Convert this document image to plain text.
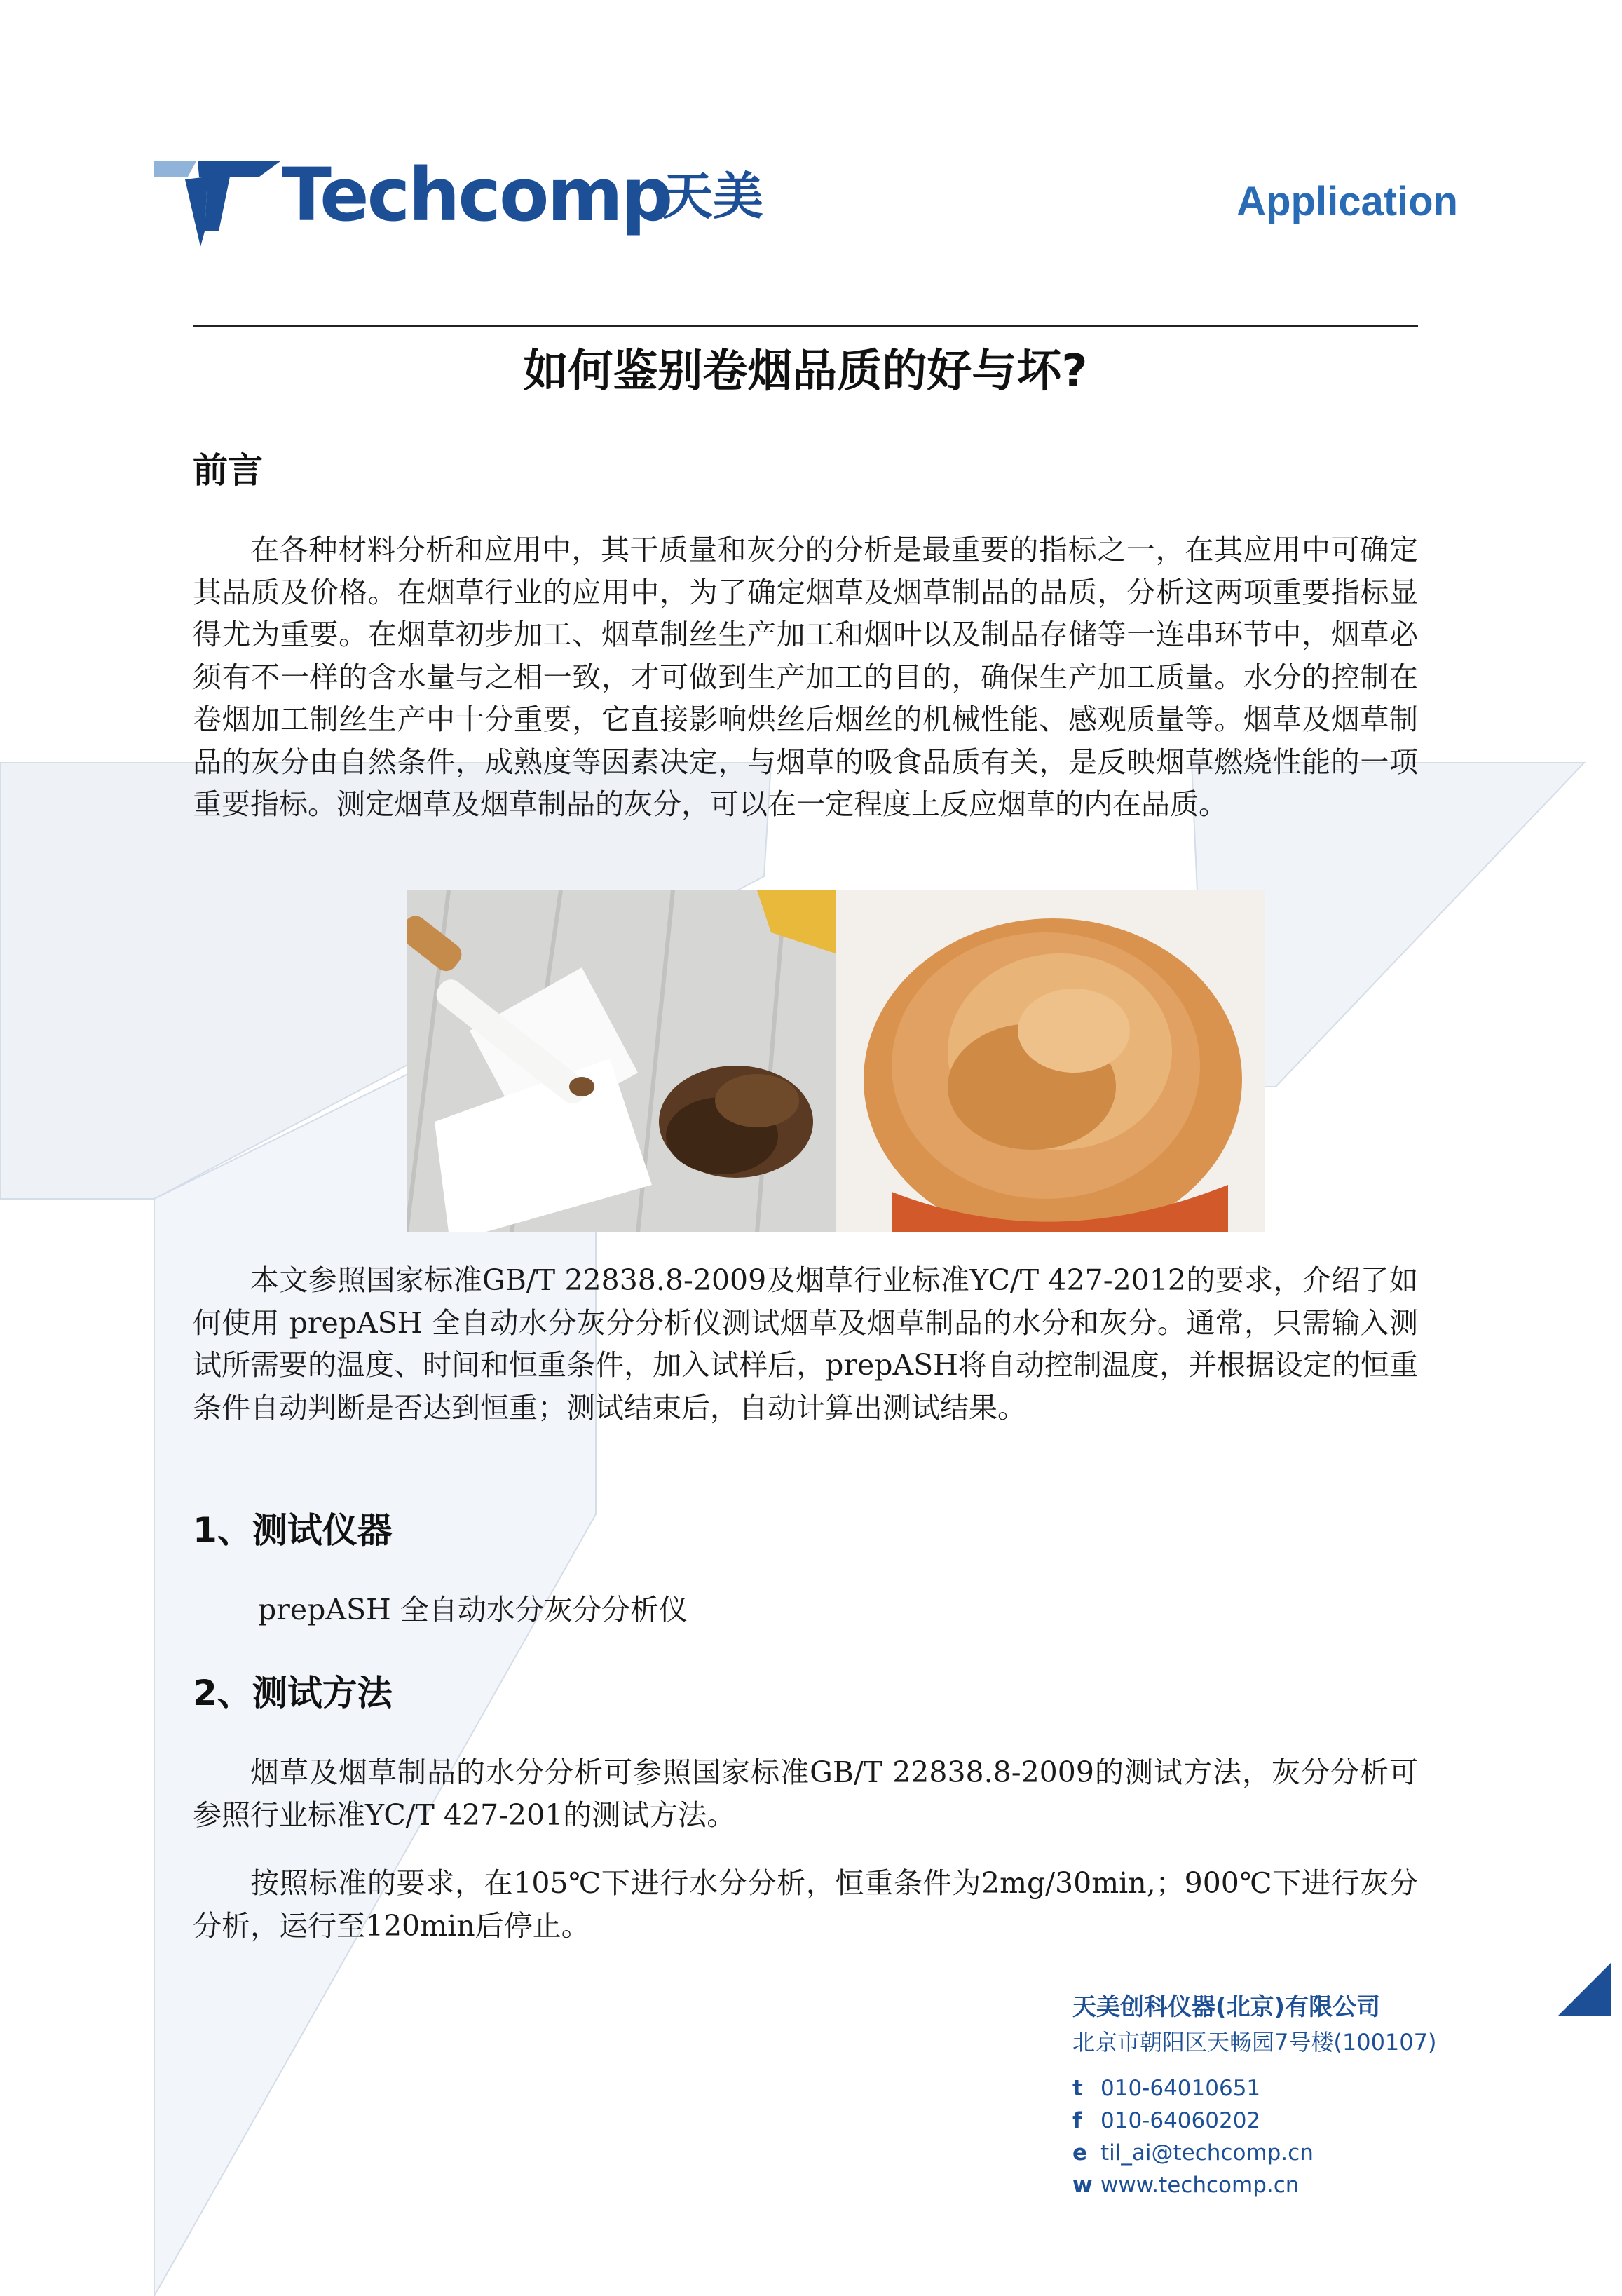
Techcomp
天美	Application
如何鉴别卷烟品质的好与坏?
前言
在各种材料分析和应用中，其干质量和灰分的分析是最重要的指标之一，在其应用中可确定其品质及价格。在烟草行业的应用中，为了确定烟草及烟草制品的品质，分析这两项重要指标显得尤为重要。在烟草初步加工、烟草制丝生产加工和烟叶以及制品存储等一连串环节中，烟草必须有不一样的含水量与之相一致，才可做到生产加工的目的，确保生产加工质量。水分的控制在卷烟加工制丝生产中十分重要，它直接影响烘丝后烟丝的机械性能、感观质量等。烟草及烟草制品的灰分由自然条件，成熟度等因素决定，与烟草的吸食品质有关，是反映烟草燃烧性能的一项重要指标。测定烟草及烟草制品的灰分，可以在一定程度上反应烟草的内在品质。
本文参照国家标准GB/T 22838.8-2009及烟草行业标准YC/T 427-2012的要求，介绍了如何使用 prepASH 全自动水分灰分分析仪测试烟草及烟草制品的水分和灰分。通常，只需输入测试所需要的温度、时间和恒重条件，加入试样后，prepASH将自动控制温度，并根据设定的恒重条件自动判断是否达到恒重；测试结束后，自动计算出测试结果。
1、测试仪器
prepASH 全自动水分灰分分析仪
2、测试方法
烟草及烟草制品的水分分析可参照国家标准GB/T 22838.8-2009的测试方法，灰分分析可参照行业标准YC/T 427-201的测试方法。
按照标准的要求，在105℃下进行水分分析，恒重条件为2mg/30min,；900℃下进行灰分分析，运行至120min后停止。
天美创科仪器(北京)有限公司
北京市朝阳区天畅园7号楼(100107)
t 010-64010651
f 010-64060202
e til_ai@techcomp.cn
w www.techcomp.cn
